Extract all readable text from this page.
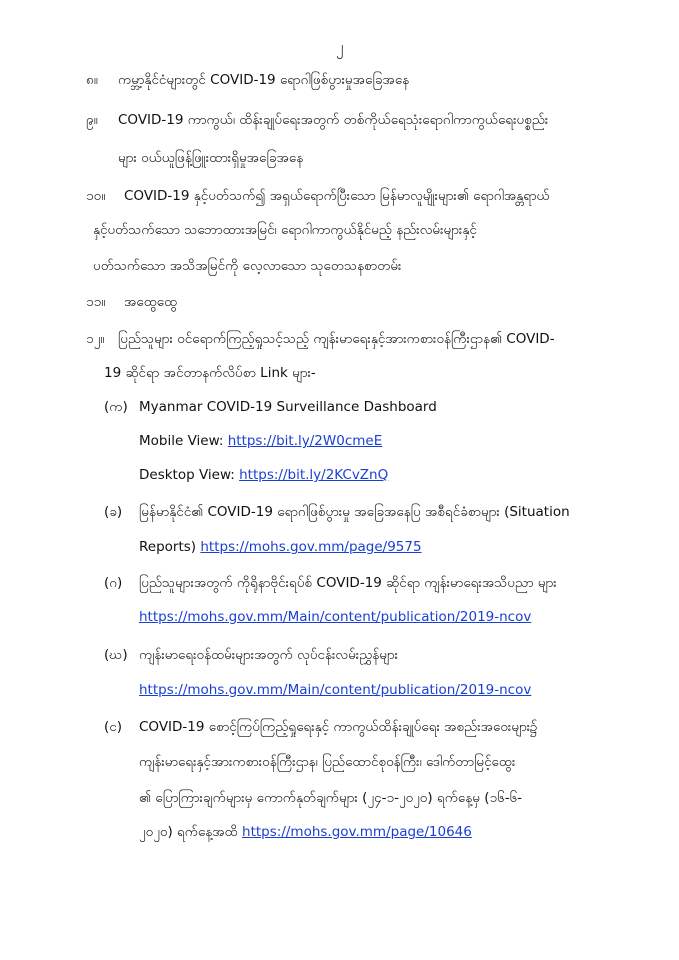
၂
၈။ ကမ္ဘာ့နိုင်ငံများတွင် COVID-19 ရောဂါဖြစ်ပွားမှုအခြေအနေ
၉။ COVID-19 ကာကွယ်၊ ထိန်းချုပ်ရေးအတွက် တစ်ကိုယ်ရေသုံးရောဂါကာကွယ်ရေးပစ္စည်း
များ ဝယ်ယူဖြန့်ဖြူးထားရှိမှုအခြေအနေ
၁၀။ COVID-19 နှင့်ပတ်သက်၍ အရှယ်ရောက်ပြီးသော မြန်မာလူမျိုးများ၏ ရောဂါအန္တရာယ်
နှင့်ပတ်သက်သော သဘောထားအမြင်၊ ရောဂါကာကွယ်နိုင်မည့် နည်းလမ်းများနှင့်
ပတ်သက်သော အသိအမြင်ကို လေ့လာသော သုတေသနစာတမ်း
၁၁။ အထွေထွေ
၁၂။ ပြည်သူများ ဝင်ရောက်ကြည့်ရှုသင့်သည့် ကျန်းမာရေးနှင့်အားကစားဝန်ကြီးဌာန၏ COVID-
19 ဆိုင်ရာ အင်တာနက်လိပ်စာ Link များ-
(က) Myanmar COVID-19 Surveillance Dashboard
Mobile View: https://bit.ly/2W0cmeE
Desktop View: https://bit.ly/2KCvZnQ
(ခ) မြန်မာနိုင်ငံ၏ COVID-19 ရောဂါဖြစ်ပွားမှု အခြေအနေပြ အစီရင်ခံစာများ (Situation
Reports) https://mohs.gov.mm/page/9575
(ဂ) ပြည်သူများအတွက် ကိုရိုနာဗိုင်းရပ်စ် COVID-19 ဆိုင်ရာ ကျန်းမာရေးအသိပညာ များ
https://mohs.gov.mm/Main/content/publication/2019-ncov
(ဃ) ကျန်းမာရေးဝန်ထမ်းများအတွက် လုပ်ငန်းလမ်းညွှန်များ
https://mohs.gov.mm/Main/content/publication/2019-ncov
(င) COVID-19 စောင့်ကြပ်ကြည့်ရှုရေးနှင့် ကာကွယ်ထိန်းချုပ်ရေး အစည်းအဝေးများ၌
ကျန်းမာရေးနှင့်အားကစားဝန်ကြီးဌာန၊ ပြည်ထောင်စုဝန်ကြီး၊ ဒေါက်တာမြင့်ထွေး
၏ ပြောကြားချက်များမှ ကောက်နုတ်ချက်များ (၂၄-၁-၂၀၂၀) ရက်နေ့မှ (၁၆-၆-
၂၀၂၀) ရက်နေ့အထိ https://mohs.gov.mm/page/10646
